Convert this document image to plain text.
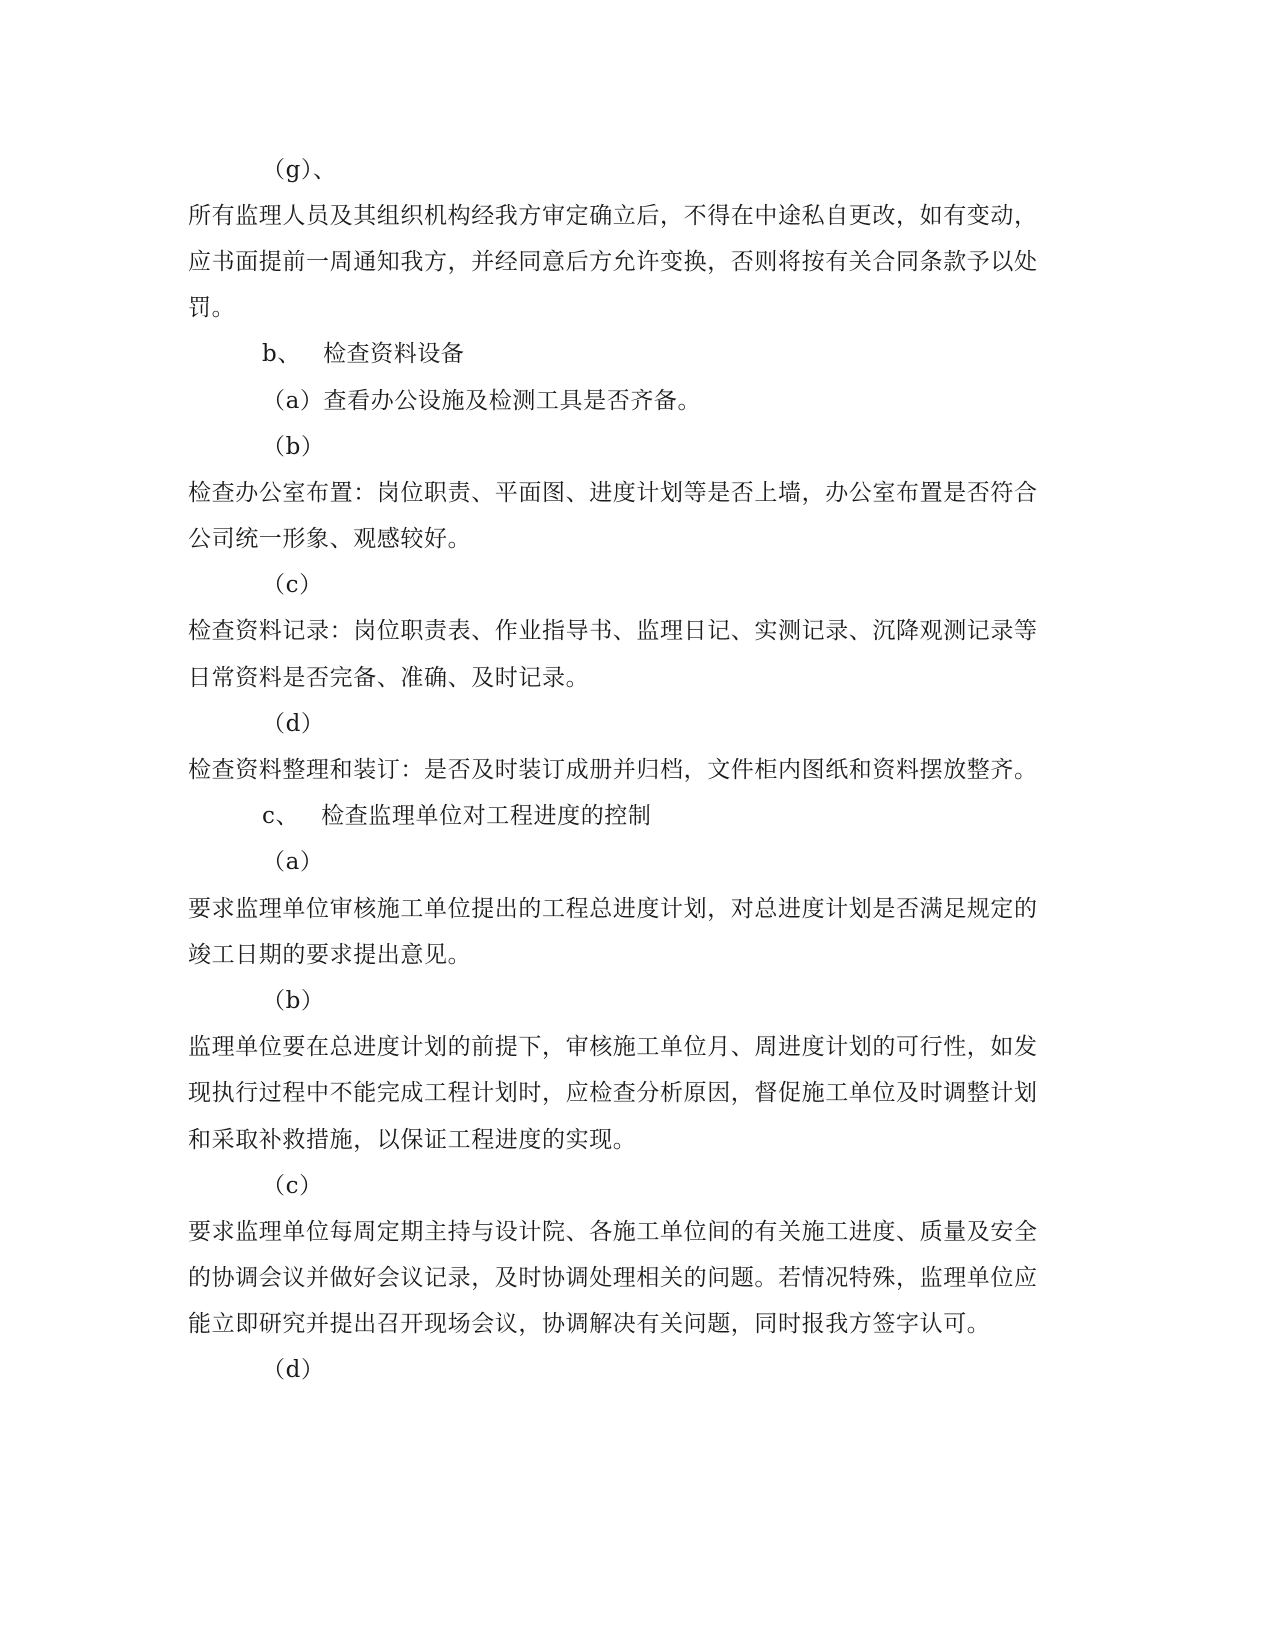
（g）、
所有监理人员及其组织机构经我方审定确立后，不得在中途私自更改，如有变动，
应书面提前一周通知我方，并经同意后方允许变换，否则将按有关合同条款予以处
罚。
b、 检查资料设备
（a）查看办公设施及检测工具是否齐备。
（b）
检查办公室布置：岗位职责、平面图、进度计划等是否上墙，办公室布置是否符合
公司统一形象、观感较好。
（c）
检查资料记录：岗位职责表、作业指导书、监理日记、实测记录、沉降观测记录等
日常资料是否完备、准确、及时记录。
（d）
检查资料整理和装订：是否及时装订成册并归档，文件柜内图纸和资料摆放整齐。
c、 检查监理单位对工程进度的控制
（a）
要求监理单位审核施工单位提出的工程总进度计划，对总进度计划是否满足规定的
竣工日期的要求提出意见。
（b）
监理单位要在总进度计划的前提下，审核施工单位月、周进度计划的可行性，如发
现执行过程中不能完成工程计划时，应检查分析原因，督促施工单位及时调整计划
和采取补救措施，以保证工程进度的实现。
（c）
要求监理单位每周定期主持与设计院、各施工单位间的有关施工进度、质量及安全
的协调会议并做好会议记录，及时协调处理相关的问题。若情况特殊，监理单位应
能立即研究并提出召开现场会议，协调解决有关问题，同时报我方签字认可。
（d）
